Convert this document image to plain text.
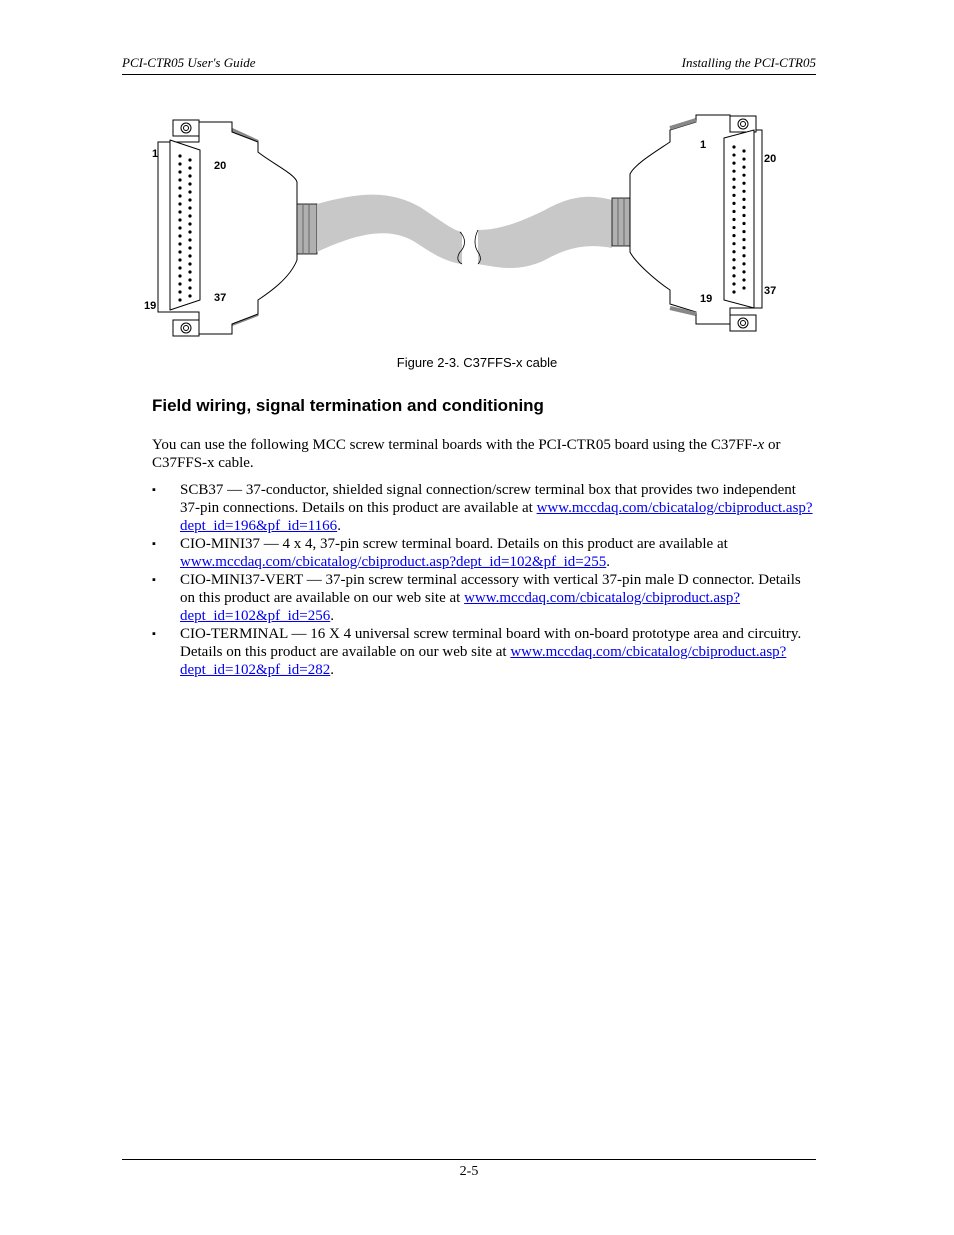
PCI-CTR05 User's Guide	Installing the PCI-CTR05
1
19
20
37
1
19
20
37
Figure 2-3. C37FFS-x cable
Field wiring, signal termination and conditioning

You can use the following MCC screw terminal boards with the PCI-CTR05 board using the C37FF-x or C37FFS-x cable.

▪ SCB37 — 37-conductor, shielded signal connection/screw terminal box that provides two independent 37-pin connections. Details on this product are available at www.mccdaq.com/cbicatalog/cbiproduct.asp?dept_id=196&pf_id=1166.
▪ CIO-MINI37 — 4 x 4, 37-pin screw terminal board. Details on this product are available at www.mccdaq.com/cbicatalog/cbiproduct.asp?dept_id=102&pf_id=255.
▪ CIO-MINI37-VERT — 37-pin screw terminal accessory with vertical 37-pin male D connector. Details on this product are available on our web site at www.mccdaq.com/cbicatalog/cbiproduct.asp?dept_id=102&pf_id=256.
▪ CIO-TERMINAL — 16 X 4 universal screw terminal board with on-board prototype area and circuitry. Details on this product are available on our web site at www.mccdaq.com/cbicatalog/cbiproduct.asp?dept_id=102&pf_id=282.
2-5
